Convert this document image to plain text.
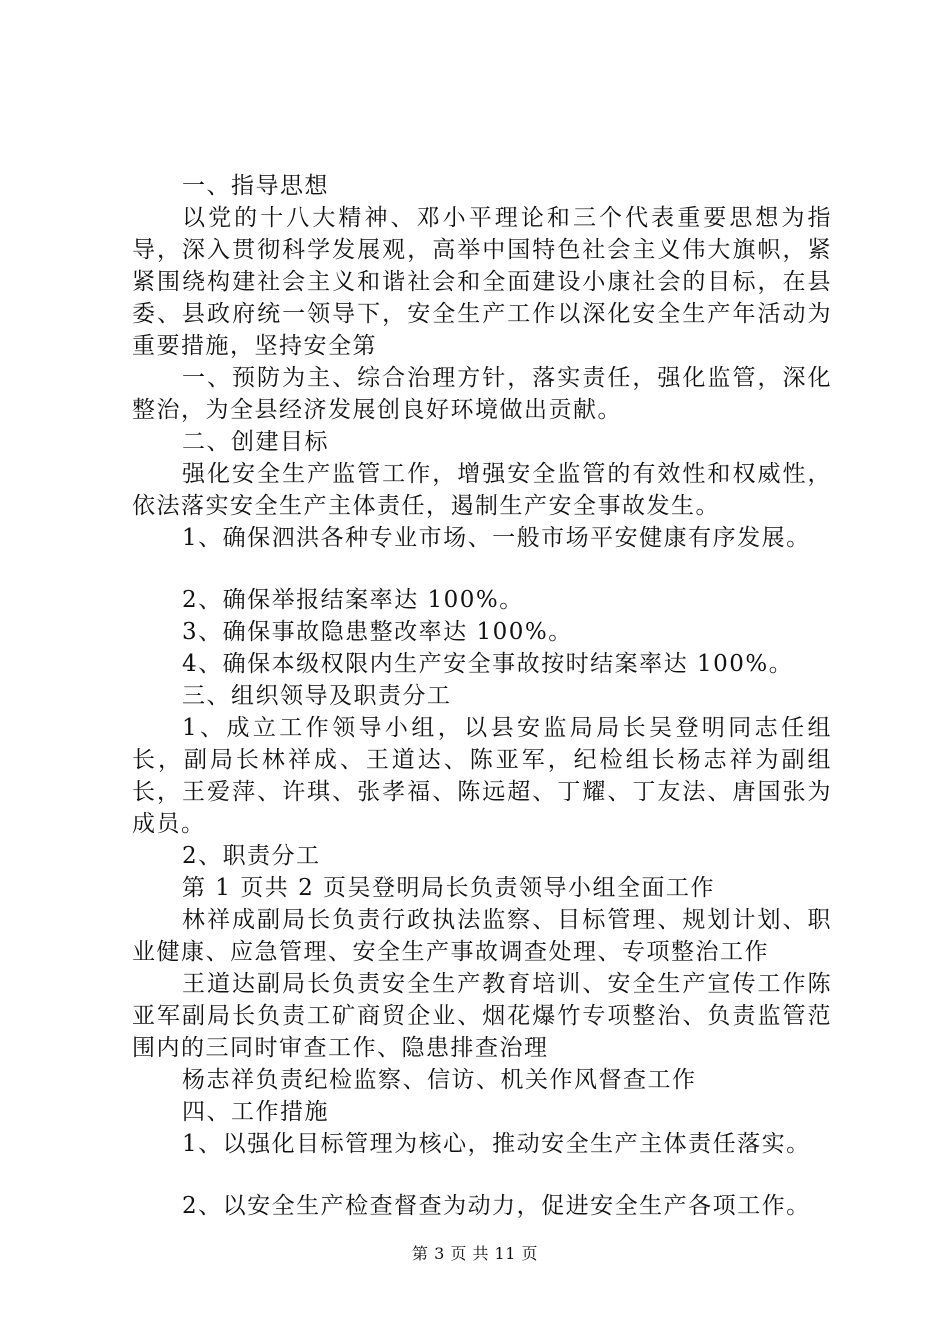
一、指导思想

以党的十八大精神、邓小平理论和三个代表重要思想为指导，深入贯彻科学发展观，高举中国特色社会主义伟大旗帜，紧紧围绕构建社会主义和谐社会和全面建设小康社会的目标，在县委、县政府统一领导下，安全生产工作以深化安全生产年活动为重要措施，坚持安全第

一、预防为主、综合治理方针，落实责任，强化监管，深化整治，为全县经济发展创良好环境做出贡献。

二、创建目标

强化安全生产监管工作，增强安全监管的有效性和权威性，依法落实安全生产主体责任，遏制生产安全事故发生。

1、确保泗洪各种专业市场、一般市场平安健康有序发展。

2、确保举报结案率达 100%。

3、确保事故隐患整改率达 100%。

4、确保本级权限内生产安全事故按时结案率达 100%。

三、组织领导及职责分工

1、成立工作领导小组，以县安监局局长吴登明同志任组长，副局长林祥成、王道达、陈亚军，纪检组长杨志祥为副组长，王爱萍、许琪、张孝福、陈远超、丁耀、丁友法、唐国张为成员。

2、职责分工

第 1 页共 2 页吴登明局长负责领导小组全面工作

林祥成副局长负责行政执法监察、目标管理、规划计划、职业健康、应急管理、安全生产事故调查处理、专项整治工作

王道达副局长负责安全生产教育培训、安全生产宣传工作陈亚军副局长负责工矿商贸企业、烟花爆竹专项整治、负责监管范围内的三同时审查工作、隐患排查治理

杨志祥负责纪检监察、信访、机关作风督查工作

四、工作措施

1、以强化目标管理为核心，推动安全生产主体责任落实。

2、以安全生产检查督查为动力，促进安全生产各项工作。

第 3 页 共 11 页
